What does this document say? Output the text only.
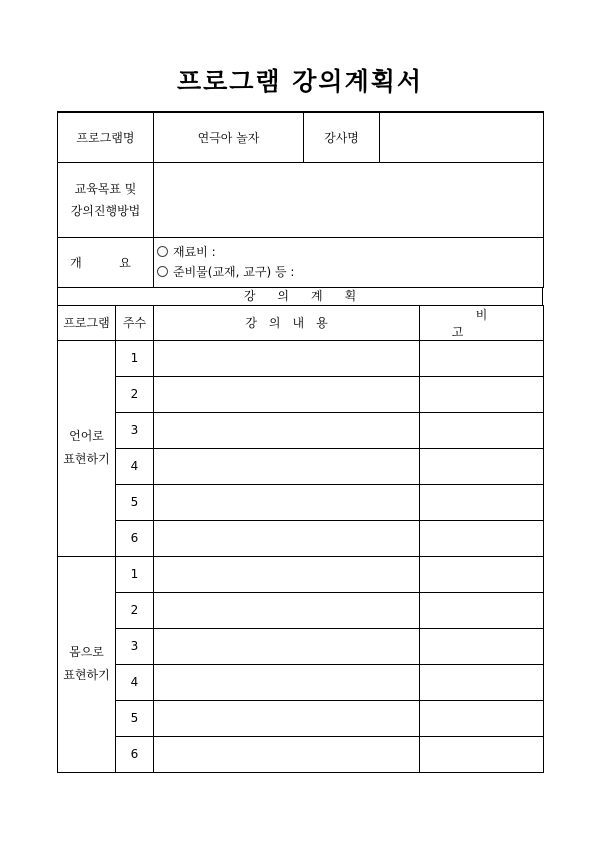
프로그램 강의계획서
프로그램명	연극아 놀자	강사명	

교육목표 및
강의진행방법			

개  요	재료비 :
준비물(교재, 교구) 등 :		

프로그램	주수	강의내용	비고

언어로
표현하기	1		
	2		
	3		
	4		
	5		
	6		

몸으로
표현하기	1		
	2		
	3		
	4		
	5		
	6		
강의계획
